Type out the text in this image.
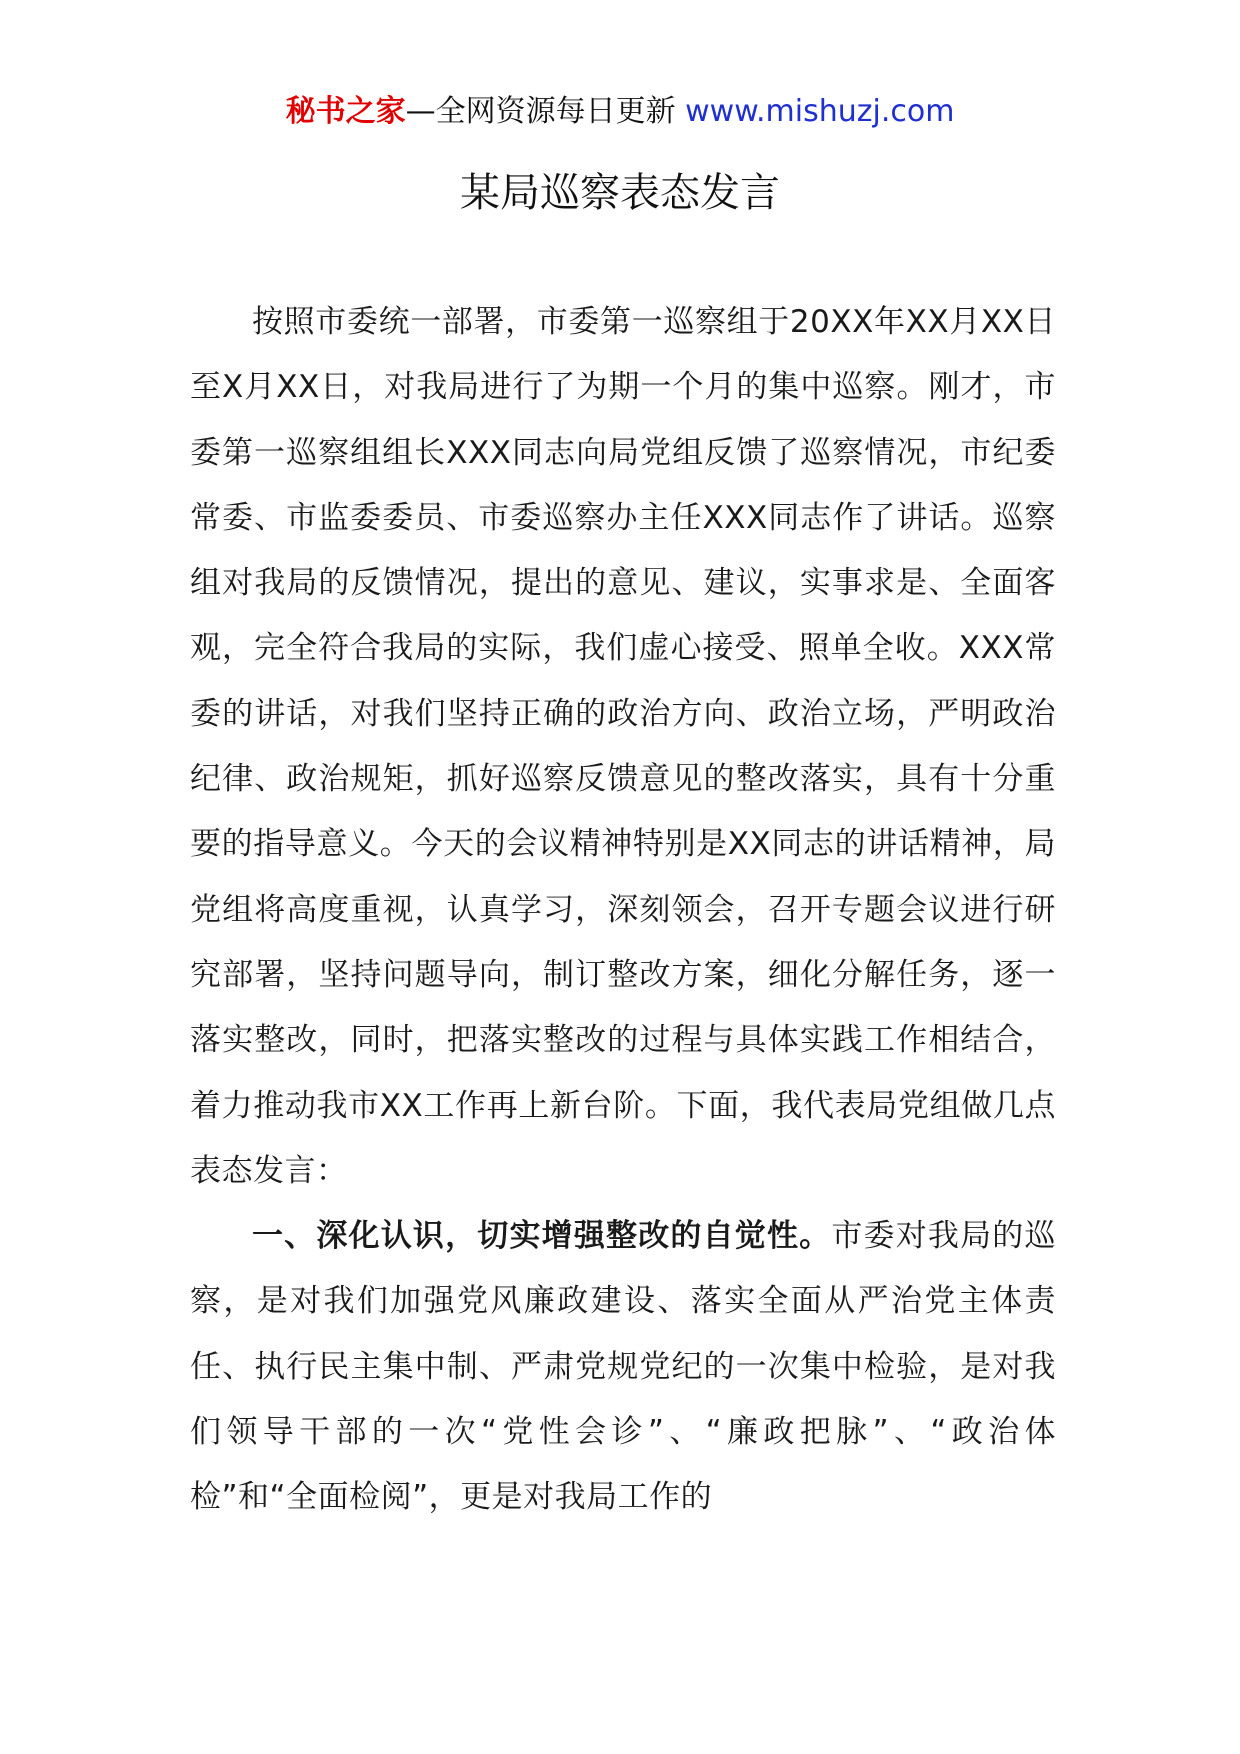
秘书之家—全网资源每日更新 www.mishuzj.com
某局巡察表态发言

按照市委统一部署，市委第一巡察组于20XX年XX月XX日至X月XX日，对我局进行了为期一个月的集中巡察。刚才，市委第一巡察组组长XXX同志向局党组反馈了巡察情况，市纪委常委、市监委委员、市委巡察办主任XXX同志作了讲话。巡察组对我局的反馈情况，提出的意见、建议，实事求是、全面客观，完全符合我局的实际，我们虚心接受、照单全收。XXX常委的讲话，对我们坚持正确的政治方向、政治立场，严明政治纪律、政治规矩，抓好巡察反馈意见的整改落实，具有十分重要的指导意义。今天的会议精神特别是XX同志的讲话精神，局党组将高度重视，认真学习，深刻领会，召开专题会议进行研究部署，坚持问题导向，制订整改方案，细化分解任务，逐一落实整改，同时，把落实整改的过程与具体实践工作相结合，着力推动我市XX工作再上新台阶。下面，我代表局党组做几点表态发言：

一、深化认识，切实增强整改的自觉性。市委对我局的巡察，是对我们加强党风廉政建设、落实全面从严治党主体责任、执行民主集中制、严肃党规党纪的一次集中检验，是对我们领导干部的一次“党性会诊”、“廉政把脉”、“政治体检”和“全面检阅”，更是对我局工作的
